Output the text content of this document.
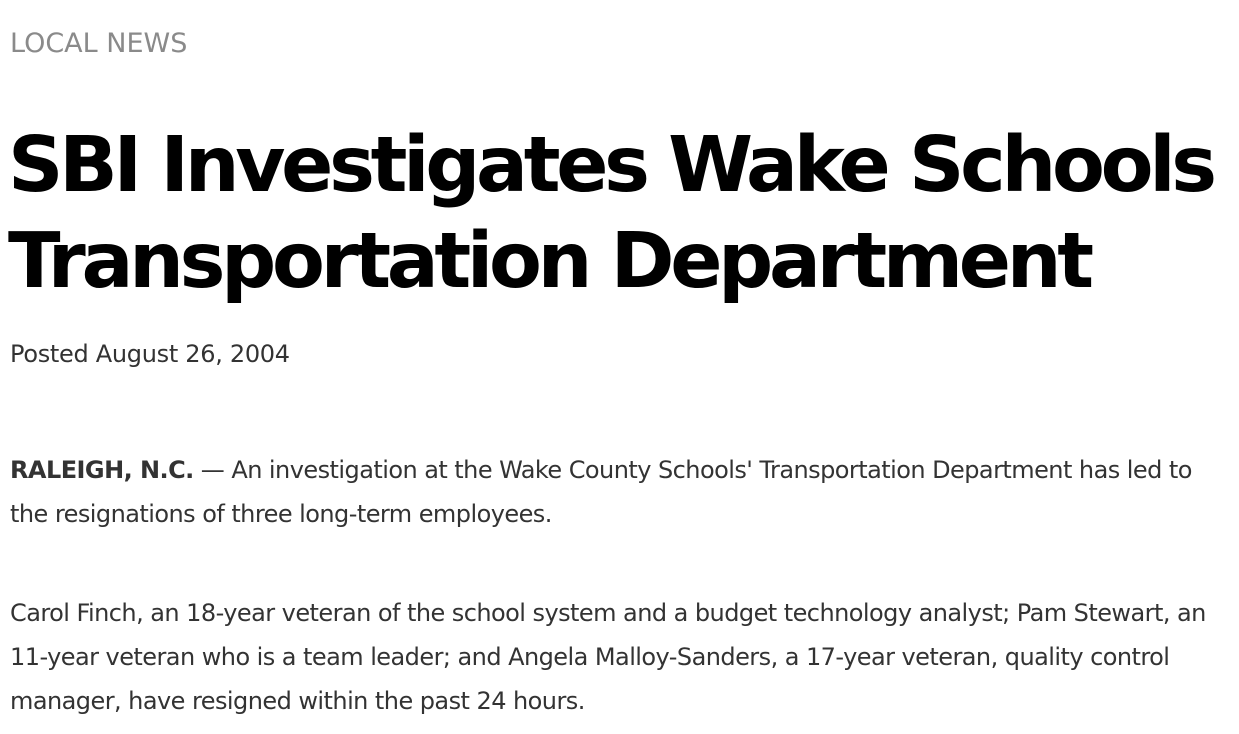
LOCAL NEWS
SBI Investigates Wake Schools Transportation Department
Posted August 26, 2004

RALEIGH, N.C. — An investigation at the Wake County Schools' Transportation Department has led to the resignations of three long-term employees.

Carol Finch, an 18-year veteran of the school system and a budget technology analyst; Pam Stewart, an 11-year veteran who is a team leader; and Angela Malloy-Sanders, a 17-year veteran, quality control manager, have resigned within the past 24 hours.
